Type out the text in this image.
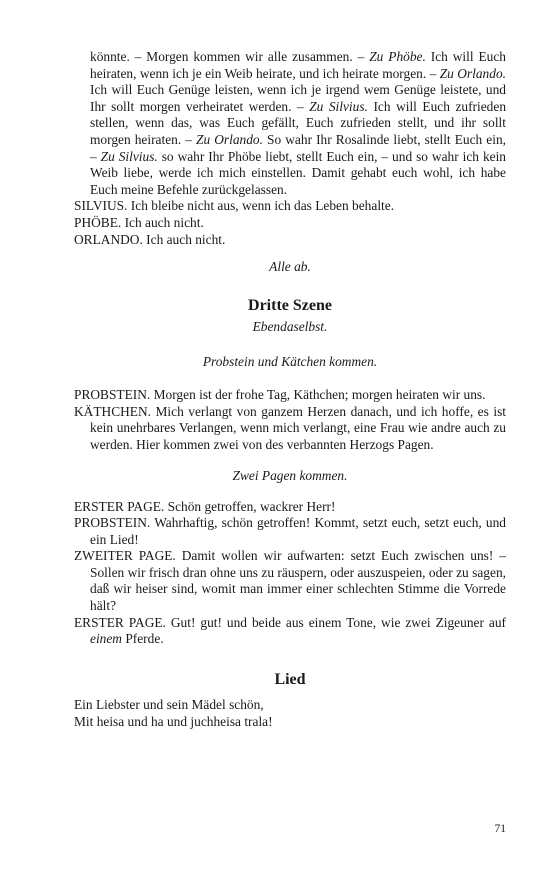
könnte. – Morgen kommen wir alle zusammen. – Zu Phöbe. Ich will Euch heiraten, wenn ich je ein Weib heirate, und ich heirate morgen. – Zu Orlando. Ich will Euch Genüge leisten, wenn ich je irgend wem Genüge leistete, und Ihr sollt morgen verheiratet werden. – Zu Silvius. Ich will Euch zufrieden stellen, wenn das, was Euch gefällt, Euch zufrieden stellt, und ihr sollt morgen heiraten. – Zu Orlando. So wahr Ihr Rosalinde liebt, stellt Euch ein, – Zu Silvius. so wahr Ihr Phöbe liebt, stellt Euch ein, – und so wahr ich kein Weib liebe, werde ich mich einstellen. Damit gehabt euch wohl, ich habe Euch meine Befehle zurückgelassen.

SILVIUS. Ich bleibe nicht aus, wenn ich das Leben behalte.

PHÖBE. Ich auch nicht.

ORLANDO. Ich auch nicht.

Alle ab.

Dritte Szene

Ebendaselbst.

Probstein und Kätchen kommen.

PROBSTEIN. Morgen ist der frohe Tag, Käthchen; morgen heiraten wir uns.

KÄTHCHEN. Mich verlangt von ganzem Herzen danach, und ich hoffe, es ist kein unehrbares Verlangen, wenn mich verlangt, eine Frau wie andre auch zu werden. Hier kommen zwei von des verbannten Herzogs Pagen.

Zwei Pagen kommen.

ERSTER PAGE. Schön getroffen, wackrer Herr!

PROBSTEIN. Wahrhaftig, schön getroffen! Kommt, setzt euch, setzt euch, und ein Lied!

ZWEITER PAGE. Damit wollen wir aufwarten: setzt Euch zwischen uns! – Sollen wir frisch dran ohne uns zu räuspern, oder auszuspeien, oder zu sagen, daß wir heiser sind, womit man immer einer schlechten Stimme die Vorrede hält?

ERSTER PAGE. Gut! gut! und beide aus einem Tone, wie zwei Zigeuner auf einem Pferde.

Lied

Ein Liebster und sein Mädel schön,

Mit heisa und ha und juchheisa trala!

71
